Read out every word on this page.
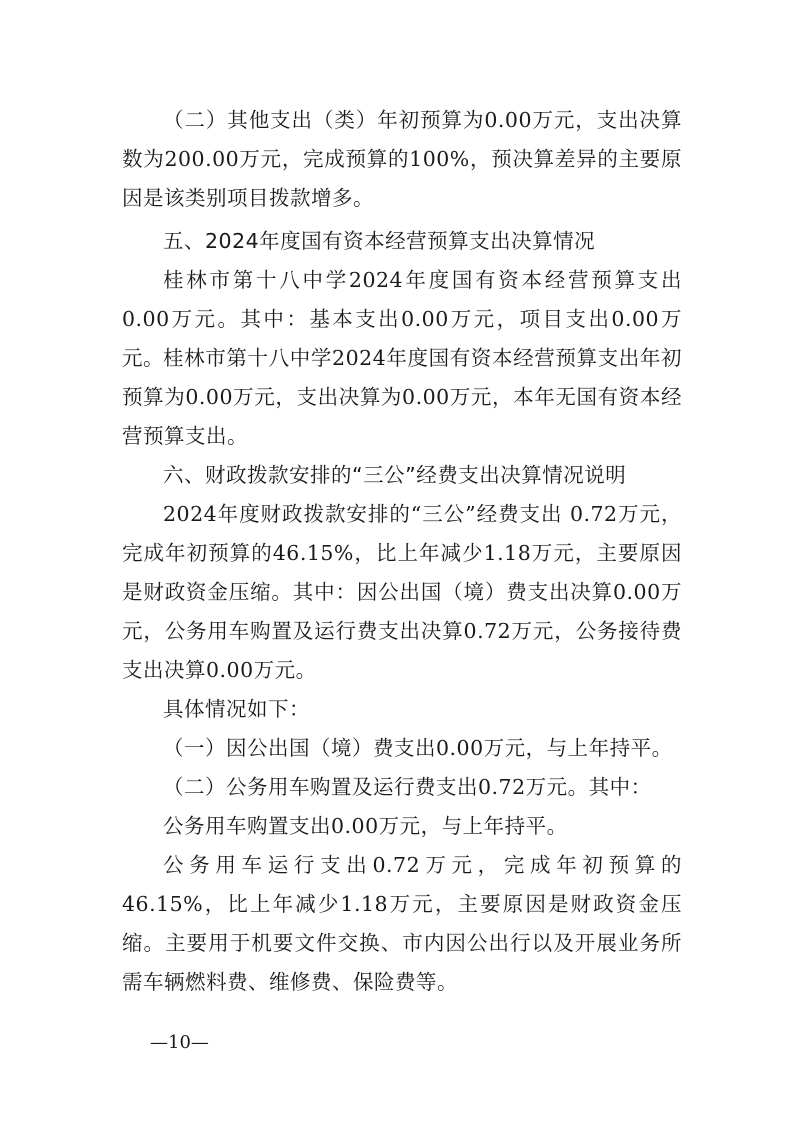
（二）其他支出（类）年初预算为0.00万元，支出决算数为200.00万元，完成预算的100%，预决算差异的主要原因是该类别项目拨款增多。

五、2024年度国有资本经营预算支出决算情况

桂林市第十八中学2024年度国有资本经营预算支出0.00万元。其中：基本支出0.00万元，项目支出0.00万元。 桂林市第十八中学2024年度国有资本经营预算支出年初预算为0.00万元，支出决算为0.00万元，本年无国有资本经营预算支出。

六、财政拨款安排的“三公”经费支出决算情况说明

2024年度财政拨款安排的“三公”经费支出 0.72万元，完成年初预算的46.15%，比上年减少1.18万元，主要原因是财政资金压缩。其中：因公出国（境）费支出决算0.00万元，公务用车购置及运行费支出决算0.72万元，公务接待费支出决算0.00万元。

具体情况如下：

（一）因公出国（境）费支出0.00万元，与上年持平。

（二）公务用车购置及运行费支出0.72万元。其中：

公务用车购置支出0.00万元，与上年持平。

公务用车运行支出0.72万元，完成年初预算的46.15%，比上年减少1.18万元，主要原因是财政资金压缩。主要用于机要文件交换、市内因公出行以及开展业务所需车辆燃料费、维修费、保险费等。

—10—
